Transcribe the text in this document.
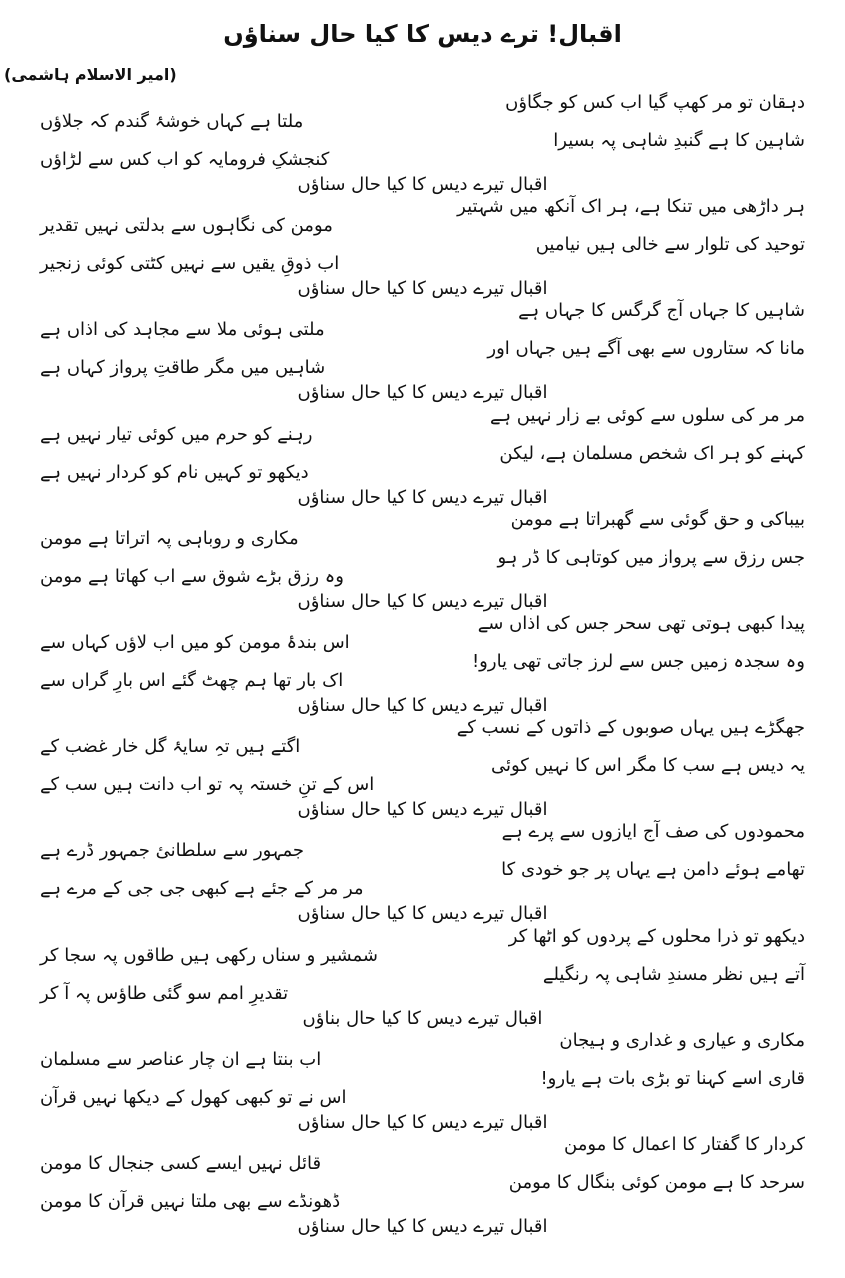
اقبال! ترے دیس کا کیا حال سناؤں
(امیر الاسلام ہاشمی)
دہقان تو مر کھپ گیا اب کس کو جگاؤں
ملتا ہے کہاں خوشۂ گندم کہ جلاؤں
شاہین کا ہے گنبدِ شاہی پہ بسیرا
کنجشکِ فرومایہ کو اب کس سے لڑاؤں
اقبال تیرے دیس کا کیا حال سناؤں
ہر داڑھی میں تنکا ہے، ہر اک آنکھ میں شہتیر
مومن کی نگاہوں سے بدلتی نہیں تقدیر
توحید کی تلوار سے خالی ہیں نیامیں
اب ذوقِ یقیں سے نہیں کٹتی کوئی زنجیر
اقبال تیرے دیس کا کیا حال سناؤں
شاہیں کا جہاں آج گرگس کا جہاں ہے
ملتی ہوئی ملا سے مجاہد کی اذاں ہے
مانا کہ ستاروں سے بھی آگے ہیں جہاں اور
شاہیں میں مگر طاقتِ پرواز کہاں ہے
اقبال تیرے دیس کا کیا حال سناؤں
مر مر کی سلوں سے کوئی بے زار نہیں ہے
رہنے کو حرم میں کوئی تیار نہیں ہے
کہنے کو ہر اک شخص مسلمان ہے، لیکن
دیکھو تو کہیں نام کو کردار نہیں ہے
اقبال تیرے دیس کا کیا حال سناؤں
بیباکی و حق گوئی سے گھبراتا ہے مومن
مکاری و روباہی پہ اتراتا ہے مومن
جس رزق سے پرواز میں کوتاہی کا ڈر ہو
وہ رزق بڑے شوق سے اب کھاتا ہے مومن
اقبال تیرے دیس کا کیا حال سناؤں
پیدا کبھی ہوتی تھی سحر جس کی اذاں سے
اس بندۂ مومن کو میں اب لاؤں کہاں سے
وہ سجدہ زمیں جس سے لرز جاتی تھی یارو!
اک بار تھا ہم چھٹ گئے اس بارِ گراں سے
اقبال تیرے دیس کا کیا حال سناؤں
جھگڑے ہیں یہاں صوبوں کے ذاتوں کے نسب کے
اگتے ہیں تہِ سایۂ گل خار غضب کے
یہ دیس ہے سب کا مگر اس کا نہیں کوئی
اس کے تنِ خستہ پہ تو اب دانت ہیں سب کے
اقبال تیرے دیس کا کیا حال سناؤں
محمودوں کی صف آج ایازوں سے پرے ہے
جمہور سے سلطانیٔ جمہور ڈرے ہے
تھامے ہوئے دامن ہے یہاں پر جو خودی کا
مر مر کے جئے ہے کبھی جی جی کے مرے ہے
اقبال تیرے دیس کا کیا حال سناؤں
دیکھو تو ذرا محلوں کے پردوں کو اٹھا کر
شمشیر و سناں رکھی ہیں طاقوں پہ سجا کر
آتے ہیں نظر مسندِ شاہی پہ رنگیلے
تقدیرِ امم سو گئی طاؤس پہ آ کر
اقبال تیرے دیس کا کیا حال بناؤں
مکاری و عیاری و غداری و ہیجان
اب بنتا ہے ان چار عناصر سے مسلمان
قاری اسے کہنا تو بڑی بات ہے یارو!
اس نے تو کبھی کھول کے دیکھا نہیں قرآن
اقبال تیرے دیس کا کیا حال سناؤں
کردار کا گفتار کا اعمال کا مومن
قائل نہیں ایسے کسی جنجال کا مومن
سرحد کا ہے مومن کوئی بنگال کا مومن
ڈھونڈے سے بھی ملتا نہیں قرآن کا مومن
اقبال تیرے دیس کا کیا حال سناؤں
